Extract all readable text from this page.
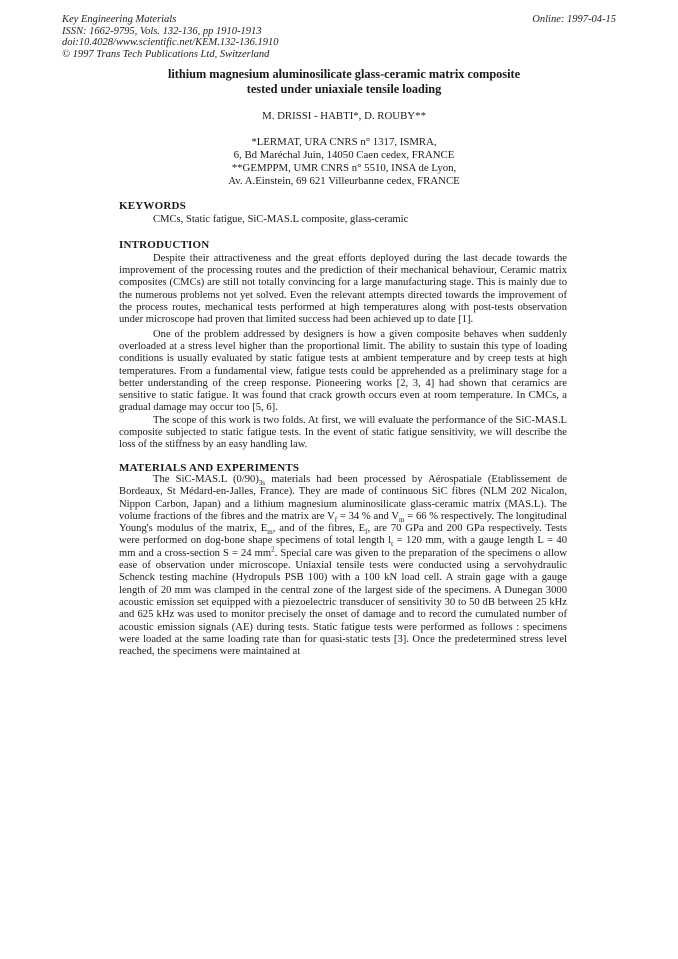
Key Engineering Materials
ISSN: 1662-9795, Vols. 132-136, pp 1910-1913
doi:10.4028/www.scientific.net/KEM.132-136.1910
© 1997 Trans Tech Publications Ltd, Switzerland
Online: 1997-04-15
lithium magnesium aluminosilicate glass-ceramic matrix composite
tested under uniaxiale tensile loading
M. DRISSI - HABTI*, D. ROUBY**
*LERMAT, URA CNRS n° 1317, ISMRA,
6, Bd Maréchal Juin, 14050 Caen cedex, FRANCE
**GEMPPM, UMR CNRS n° 5510, INSA de Lyon,
Av. A.Einstein, 69 621 Villeurbanne cedex, FRANCE
KEYWORDS
CMCs, Static fatigue, SiC-MAS.L composite, glass-ceramic
INTRODUCTION

Despite their attractiveness and the great efforts deployed during the last decade towards the improvement of the processing routes and the prediction of their mechanical behaviour, Ceramic matrix composites (CMCs) are still not totally convincing for a large manufacturing stage. This is mainly due to the numerous problems not yet solved. Even the relevant attempts directed towards the improvement of the process routes, mechanical tests performed at high temperatures along with post-tests observation under microscope had proven that limited success had been achieved up to date [1].

One of the problem addressed by designers is how a given composite behaves when suddenly overloaded at a stress level higher than the proportional limit. The ability to sustain this type of loading conditions is usually evaluated by static fatigue tests at ambient temperature and by creep tests at high temperatures. From a fundamental view, fatigue tests could be apprehended as a preliminary stage for a better understanding of the creep response. Pioneering works [2, 3, 4] had shown that ceramics are sensitive to static fatigue. It was found that crack growth occurs even at room temperature. In CMCs, a gradual damage may occur too [5, 6].

The scope of this work is two folds. At first, we will evaluate the performance of the SiC-MAS.L composite subjected to static fatigue tests. In the event of static fatigue sensitivity, we will describe the loss of the stiffness by an easy handling law.

MATERIALS AND EXPERIMENTS

The SiC-MAS.L $(0/90)_{3s}$ materials had been processed by Aérospatiale (Etablissement de Bordeaux, St Médard-en-Jalles, France). They are made of continuous SiC fibres (NLM 202 Nicalon, Nippon Carbon, Japan) and a lithium magnesium aluminosilicate glass-ceramic matrix (MAS.L). The volume fractions of the fibres and the matrix are $V_f = 34$ % and $V_m = 66$ % respectively. The longitudinal Young's modulus of the matrix, $E_m$, and of the fibres, $E_f$, are 70 GPa and 200 GPa respectively. Tests were performed on dog-bone shape specimens of total length $l_t = 120$ mm, with a gauge length L = 40 mm and a cross-section S = 24 $mm^2$. Special care was given to the preparation of the specimens o allow ease of observation under microscope. Uniaxial tensile tests were conducted using a servohydraulic Schenck testing machine (Hydropuls PSB 100) with a 100 kN load cell. A strain gage with a gauge length of 20 mm was clamped in the central zone of the largest side of the specimens. A Dunegan 3000 acoustic emission set equipped with a piezoelectric transducer of sensitivity 30 to 50 dB between 25 kHz and 625 kHz was used to monitor precisely the onset of damage and to record the cumulated number of acoustic emission signals (AE) during tests. Static fatigue tests were performed as follows : specimens were loaded at the same loading rate than for quasi-static tests [3]. Once the predetermined stress level reached, the specimens were maintained at
